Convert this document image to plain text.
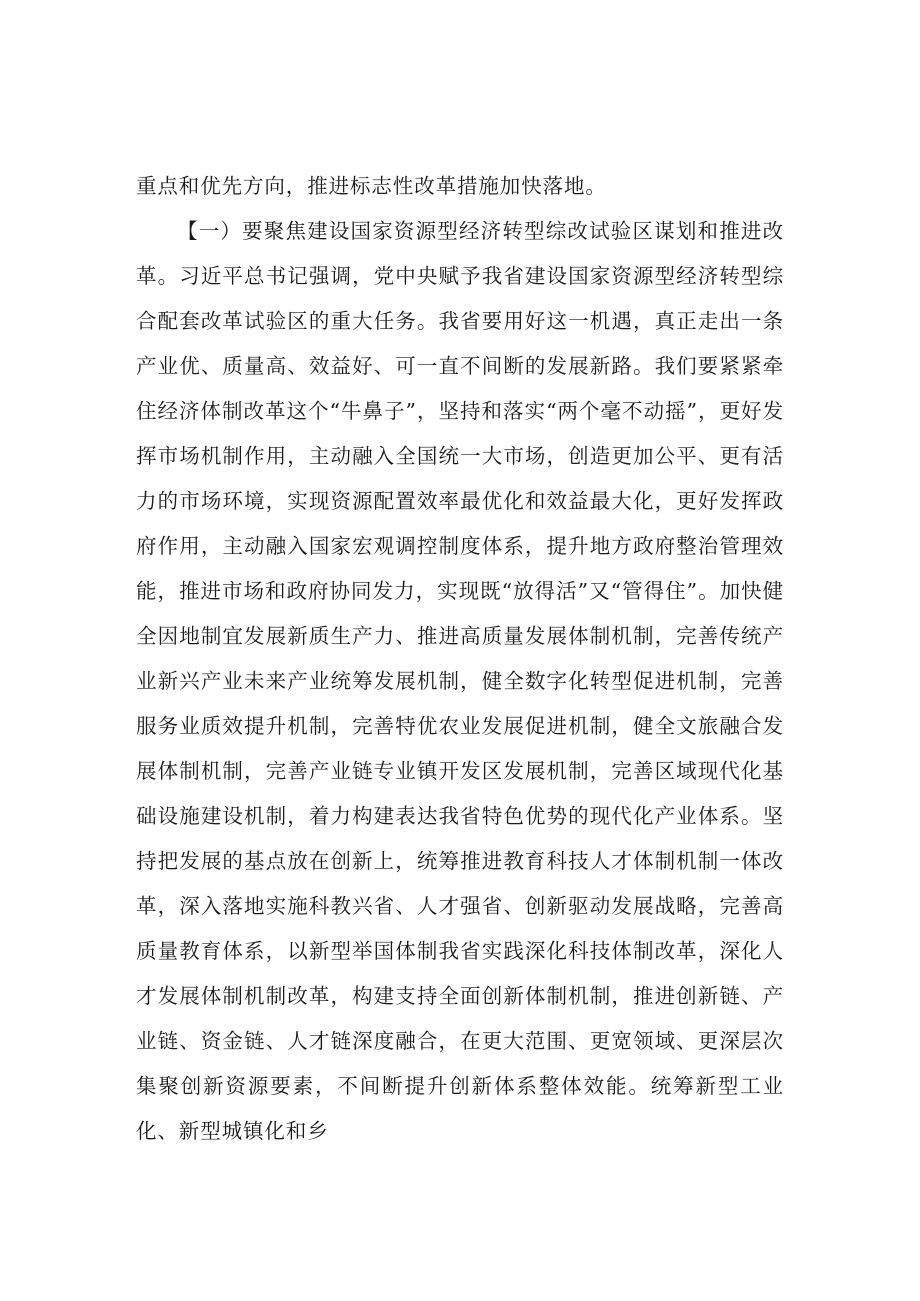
重点和优先方向，推进标志性改革措施加快落地。

【一）要聚焦建设国家资源型经济转型综改试验区谋划和推进改革。习近平总书记强调，党中央赋予我省建设国家资源型经济转型综合配套改革试验区的重大任务。我省要用好这一机遇，真正走出一条产业优、质量高、效益好、可一直不间断的发展新路。我们要紧紧牵住经济体制改革这个“牛鼻子”，坚持和落实“两个毫不动摇”，更好发挥市场机制作用，主动融入全国统一大市场，创造更加公平、更有活力的市场环境，实现资源配置效率最优化和效益最大化，更好发挥政府作用，主动融入国家宏观调控制度体系，提升地方政府整治管理效能，推进市场和政府协同发力，实现既“放得活”又“管得住”。加快健全因地制宜发展新质生产力、推进高质量发展体制机制，完善传统产业新兴产业未来产业统筹发展机制，健全数字化转型促进机制，完善服务业质效提升机制，完善特优农业发展促进机制，健全文旅融合发展体制机制，完善产业链专业镇开发区发展机制，完善区域现代化基础设施建设机制，着力构建表达我省特色优势的现代化产业体系。坚持把发展的基点放在创新上，统筹推进教育科技人才体制机制一体改革，深入落地实施科教兴省、人才强省、创新驱动发展战略，完善高质量教育体系，以新型举国体制我省实践深化科技体制改革，深化人才发展体制机制改革，构建支持全面创新体制机制，推进创新链、产业链、资金链、人才链深度融合，在更大范围、更宽领域、更深层次集聚创新资源要素，不间断提升创新体系整体效能。统筹新型工业化、新型城镇化和乡
